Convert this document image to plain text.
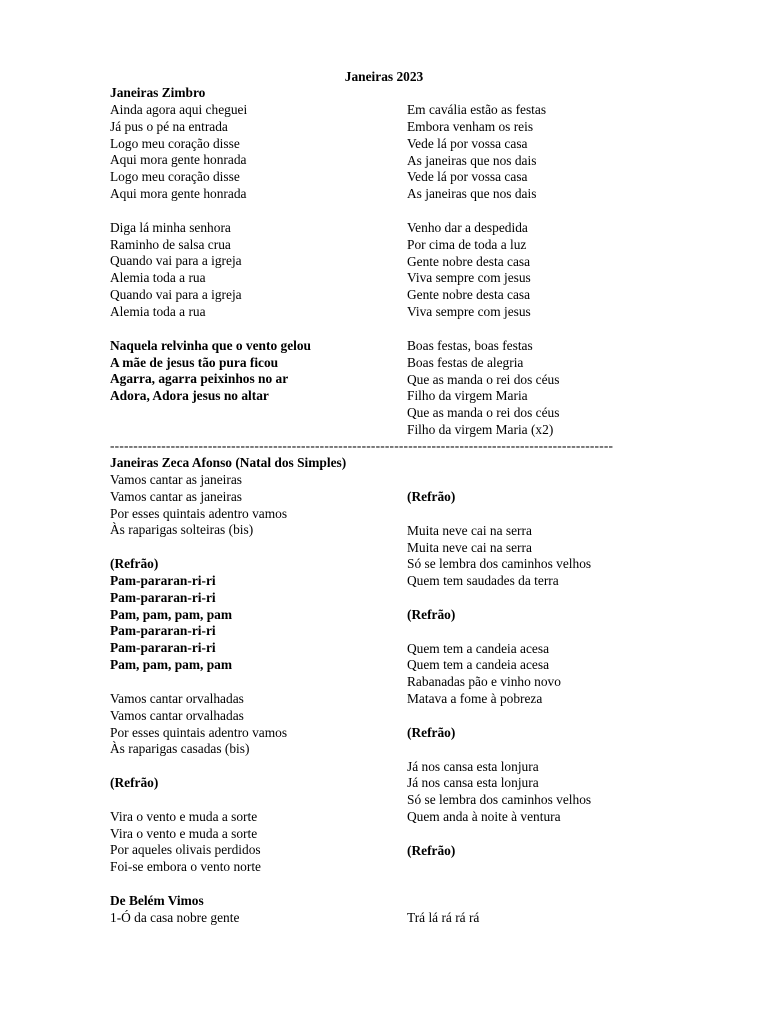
Janeiras 2023
Janeiras Zimbro
Ainda agora aqui cheguei
Já pus o pé na entrada
Logo meu coração disse
Aqui mora gente honrada
Logo meu coração disse
Aqui mora gente honrada
Diga lá minha senhora
Raminho de salsa crua
Quando vai para a igreja
Alemia toda a rua
Quando vai para a igreja
Alemia toda a rua
Naquela relvinha que o vento gelou
A mãe de jesus tão pura ficou
Agarra, agarra peixinhos no ar
Adora, Adora jesus no altar
Em cavália estão as festas
Embora venham os reis
Vede lá por vossa casa
As janeiras que nos dais
Vede lá por vossa casa
As janeiras que nos dais
Venho dar a despedida
Por cima de toda a luz
Gente nobre desta casa
Viva sempre com jesus
Gente nobre desta casa
Viva sempre com jesus
Boas festas, boas festas
Boas festas de alegria
Que as manda o rei dos céus
Filho da virgem Maria
Que as manda o rei dos céus
Filho da virgem Maria (x2)
------------------------------------------------------------------------------------------------------------
Janeiras Zeca Afonso (Natal dos Simples)
Vamos cantar as janeiras
Vamos cantar as janeiras
Por esses quintais adentro vamos
Às raparigas solteiras (bis)
(Refrão)
Pam-pararan-ri-ri
Pam-pararan-ri-ri
Pam, pam, pam, pam
Pam-pararan-ri-ri
Pam-pararan-ri-ri
Pam, pam, pam, pam
Vamos cantar orvalhadas
Vamos cantar orvalhadas
Por esses quintais adentro vamos
Às raparigas casadas (bis)
(Refrão)
Vira o vento e muda a sorte
Vira o vento e muda a sorte
Por aqueles olivais perdidos
Foi-se embora o vento norte
De Belém Vimos
1-Ó da casa nobre gente
(Refrão)
Muita neve cai na serra
Muita neve cai na serra
Só se lembra dos caminhos velhos
Quem tem saudades da terra
(Refrão)
Quem tem a candeia acesa
Quem tem a candeia acesa
Rabanadas pão e vinho novo
Matava a fome à pobreza
(Refrão)
Já nos cansa esta lonjura
Já nos cansa esta lonjura
Só se lembra dos caminhos velhos
Quem anda à noite à ventura
(Refrão)
Trá lá rá rá rá
